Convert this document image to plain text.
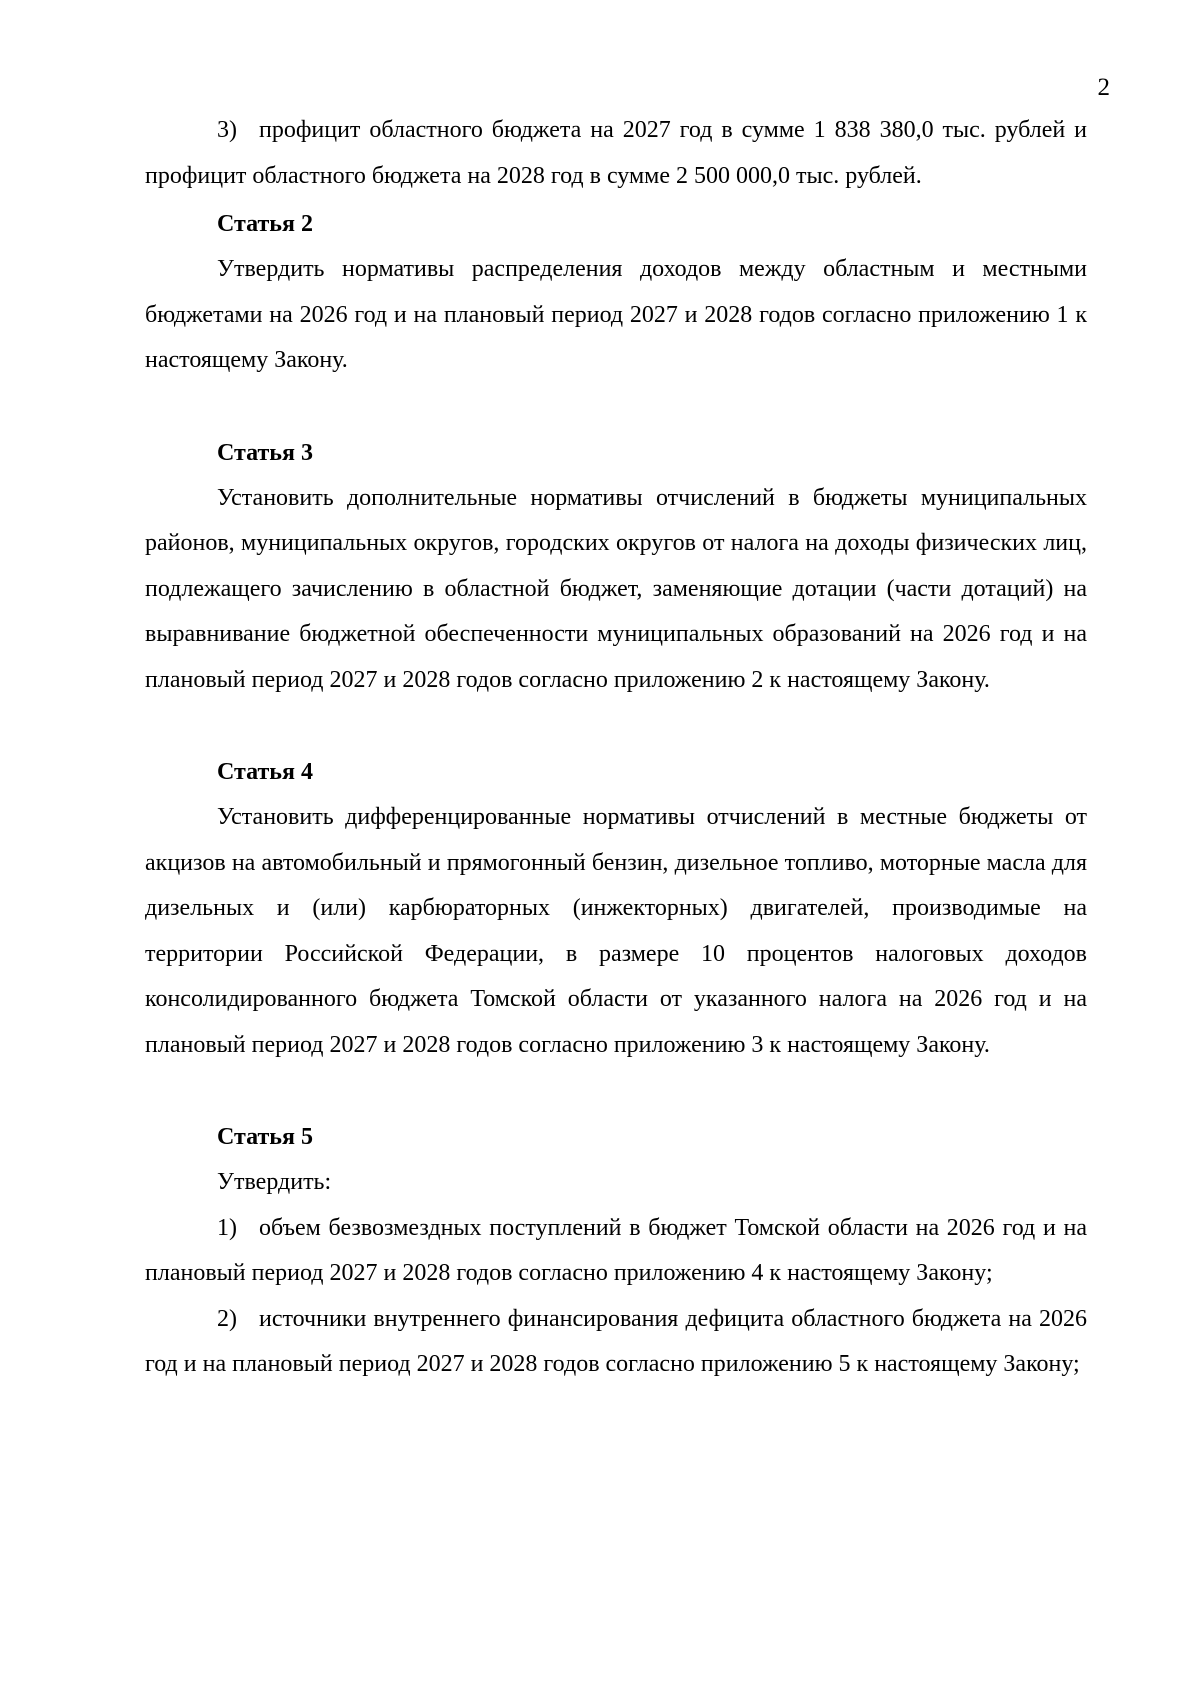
2

3) профицит областного бюджета на 2027 год в сумме 1 838 380,0 тыс. рублей и профицит областного бюджета на 2028 год в сумме 2 500 000,0 тыс. рублей.

Статья 2

Утвердить нормативы распределения доходов между областным и местными бюджетами на 2026 год и на плановый период 2027 и 2028 годов согласно приложению 1 к настоящему Закону.

Статья 3

Установить дополнительные нормативы отчислений в бюджеты муниципальных районов, муниципальных округов, городских округов от налога на доходы физических лиц, подлежащего зачислению в областной бюджет, заменяющие дотации (части дотаций) на выравнивание бюджетной обеспеченности муниципальных образований на 2026 год и на плановый период 2027 и 2028 годов согласно приложению 2 к настоящему Закону.

Статья 4

Установить дифференцированные нормативы отчислений в местные бюджеты от акцизов на автомобильный и прямогонный бензин, дизельное топливо, моторные масла для дизельных и (или) карбюраторных (инжекторных) двигателей, производимые на территории Российской Федерации, в размере 10 процентов налоговых доходов консолидированного бюджета Томской области от указанного налога на 2026 год и на плановый период 2027 и 2028 годов согласно приложению 3 к настоящему Закону.

Статья 5

Утвердить:

1) объем безвозмездных поступлений в бюджет Томской области на 2026 год и на плановый период 2027 и 2028 годов согласно приложению 4 к настоящему Закону;

2) источники внутреннего финансирования дефицита областного бюджета на 2026 год и на плановый период 2027 и 2028 годов согласно приложению 5 к настоящему Закону;
